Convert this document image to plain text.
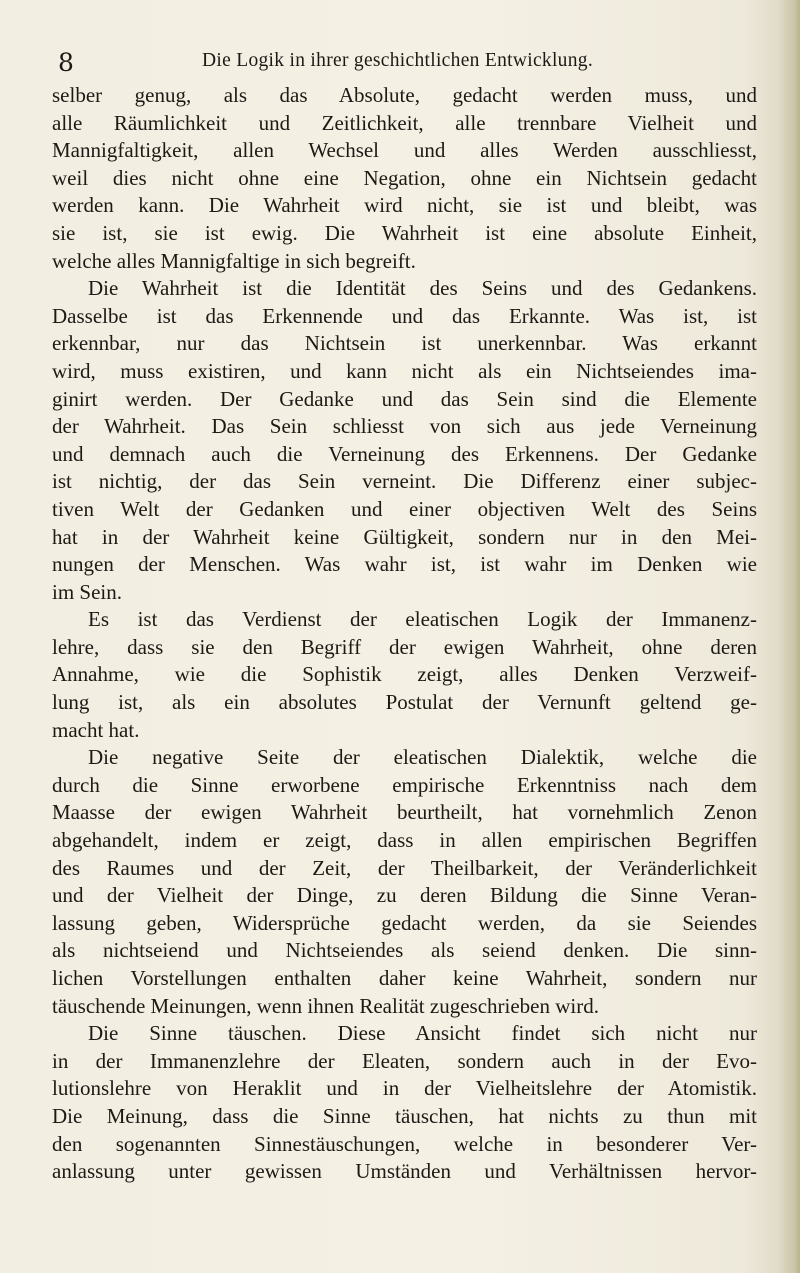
8	Die Logik in ihrer geschichtlichen Entwicklung.
selber genug, als das Absolute, gedacht werden muss, und
alle Räumlichkeit und Zeitlichkeit, alle trennbare Vielheit und
Mannigfaltigkeit, allen Wechsel und alles Werden ausschliesst,
weil dies nicht ohne eine Negation, ohne ein Nichtsein gedacht
werden kann. Die Wahrheit wird nicht, sie ist und bleibt, was
sie ist, sie ist ewig. Die Wahrheit ist eine absolute Einheit,
welche alles Mannigfaltige in sich begreift.
Die Wahrheit ist die Identität des Seins und des Gedankens.
Dasselbe ist das Erkennende und das Erkannte. Was ist, ist
erkennbar, nur das Nichtsein ist unerkennbar. Was erkannt
wird, muss existiren, und kann nicht als ein Nichtseiendes ima-
ginirt werden. Der Gedanke und das Sein sind die Elemente
der Wahrheit. Das Sein schliesst von sich aus jede Verneinung
und demnach auch die Verneinung des Erkennens. Der Gedanke
ist nichtig, der das Sein verneint. Die Differenz einer subjec-
tiven Welt der Gedanken und einer objectiven Welt des Seins
hat in der Wahrheit keine Gültigkeit, sondern nur in den Mei-
nungen der Menschen. Was wahr ist, ist wahr im Denken wie
im Sein.
Es ist das Verdienst der eleatischen Logik der Immanenz-
lehre, dass sie den Begriff der ewigen Wahrheit, ohne deren
Annahme, wie die Sophistik zeigt, alles Denken Verzweif-
lung ist, als ein absolutes Postulat der Vernunft geltend ge-
macht hat.
Die negative Seite der eleatischen Dialektik, welche die
durch die Sinne erworbene empirische Erkenntniss nach dem
Maasse der ewigen Wahrheit beurtheilt, hat vornehmlich Zenon
abgehandelt, indem er zeigt, dass in allen empirischen Begriffen
des Raumes und der Zeit, der Theilbarkeit, der Veränderlichkeit
und der Vielheit der Dinge, zu deren Bildung die Sinne Veran-
lassung geben, Widersprüche gedacht werden, da sie Seiendes
als nichtseiend und Nichtseiendes als seiend denken. Die sinn-
lichen Vorstellungen enthalten daher keine Wahrheit, sondern nur
täuschende Meinungen, wenn ihnen Realität zugeschrieben wird.
Die Sinne täuschen. Diese Ansicht findet sich nicht nur
in der Immanenzlehre der Eleaten, sondern auch in der Evo-
lutionslehre von Heraklit und in der Vielheitslehre der Atomistik.
Die Meinung, dass die Sinne täuschen, hat nichts zu thun mit
den sogenannten Sinnestäuschungen, welche in besonderer Ver-
anlassung unter gewissen Umständen und Verhältnissen hervor-
